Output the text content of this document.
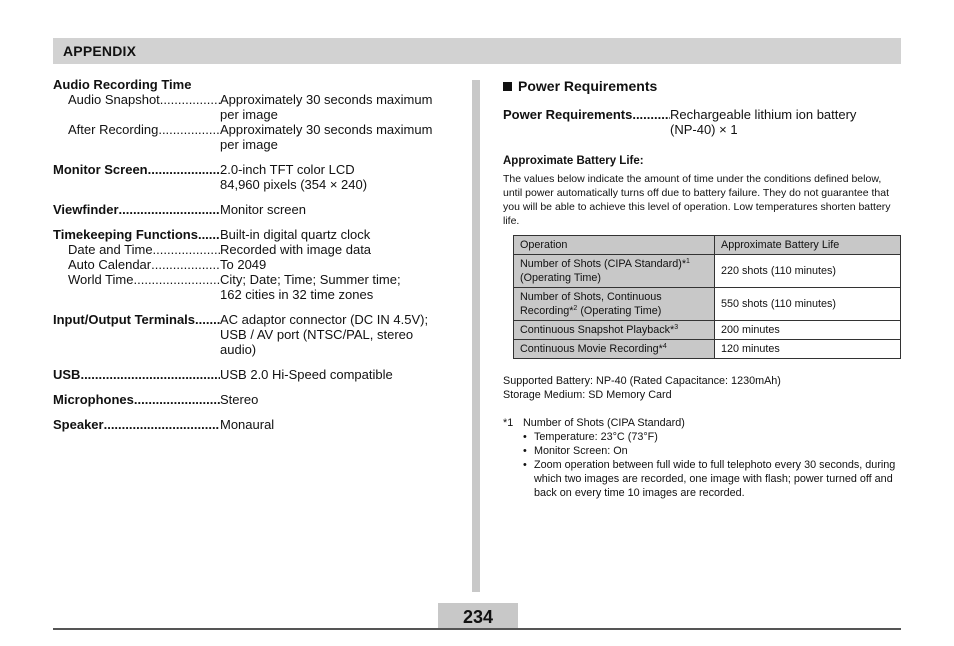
APPENDIX
Audio Recording Time
Audio Snapshot .....	Approximately 30 seconds maximum
per image
After Recording .....	Approximately 30 seconds maximum
per image
Monitor Screen .....	2.0-inch TFT color LCD
84,960 pixels (354 × 240)
Viewfinder .....	Monitor screen
Timekeeping Functions ..... Built-in digital quartz clock
Date and Time .....	Recorded with image data
Auto Calendar .....	To 2049
World Time .....	City; Date; Time; Summer time;
162 cities in 32 time zones
Input/Output Terminals ..... AC adaptor connector (DC IN 4.5V);
USB / AV port (NTSC/PAL, stereo
audio)
USB .....	USB 2.0 Hi-Speed compatible
Microphones .....	Stereo
Speaker .....	Monaural
Power Requirements
Power Requirements .....	Rechargeable lithium ion battery
(NP-40) × 1
Approximate Battery Life:
The values below indicate the amount of time under the conditions defined below, until power automatically turns off due to battery failure. They do not guarantee that you will be able to achieve this level of operation. Low temperatures shorten battery life.
Operation	Approximate Battery Life
Number of Shots (CIPA Standard)*$^1$
(Operating Time)	220 shots (110 minutes)
Number of Shots, Continuous
Recording*$^2$ (Operating Time)	550 shots (110 minutes)
Continuous Snapshot Playback*$^3$	200 minutes
Continuous Movie Recording*$^4$	120 minutes
Supported Battery: NP-40 (Rated Capacitance: 1230mAh)
Storage Medium: SD Memory Card
*1 Number of Shots (CIPA Standard)
• Temperature: 23°C (73°F)
• Monitor Screen: On
• Zoom operation between full wide to full telephoto every 30 seconds, during which two images are recorded, one image with flash; power turned off and back on every time 10 images are recorded.
234
